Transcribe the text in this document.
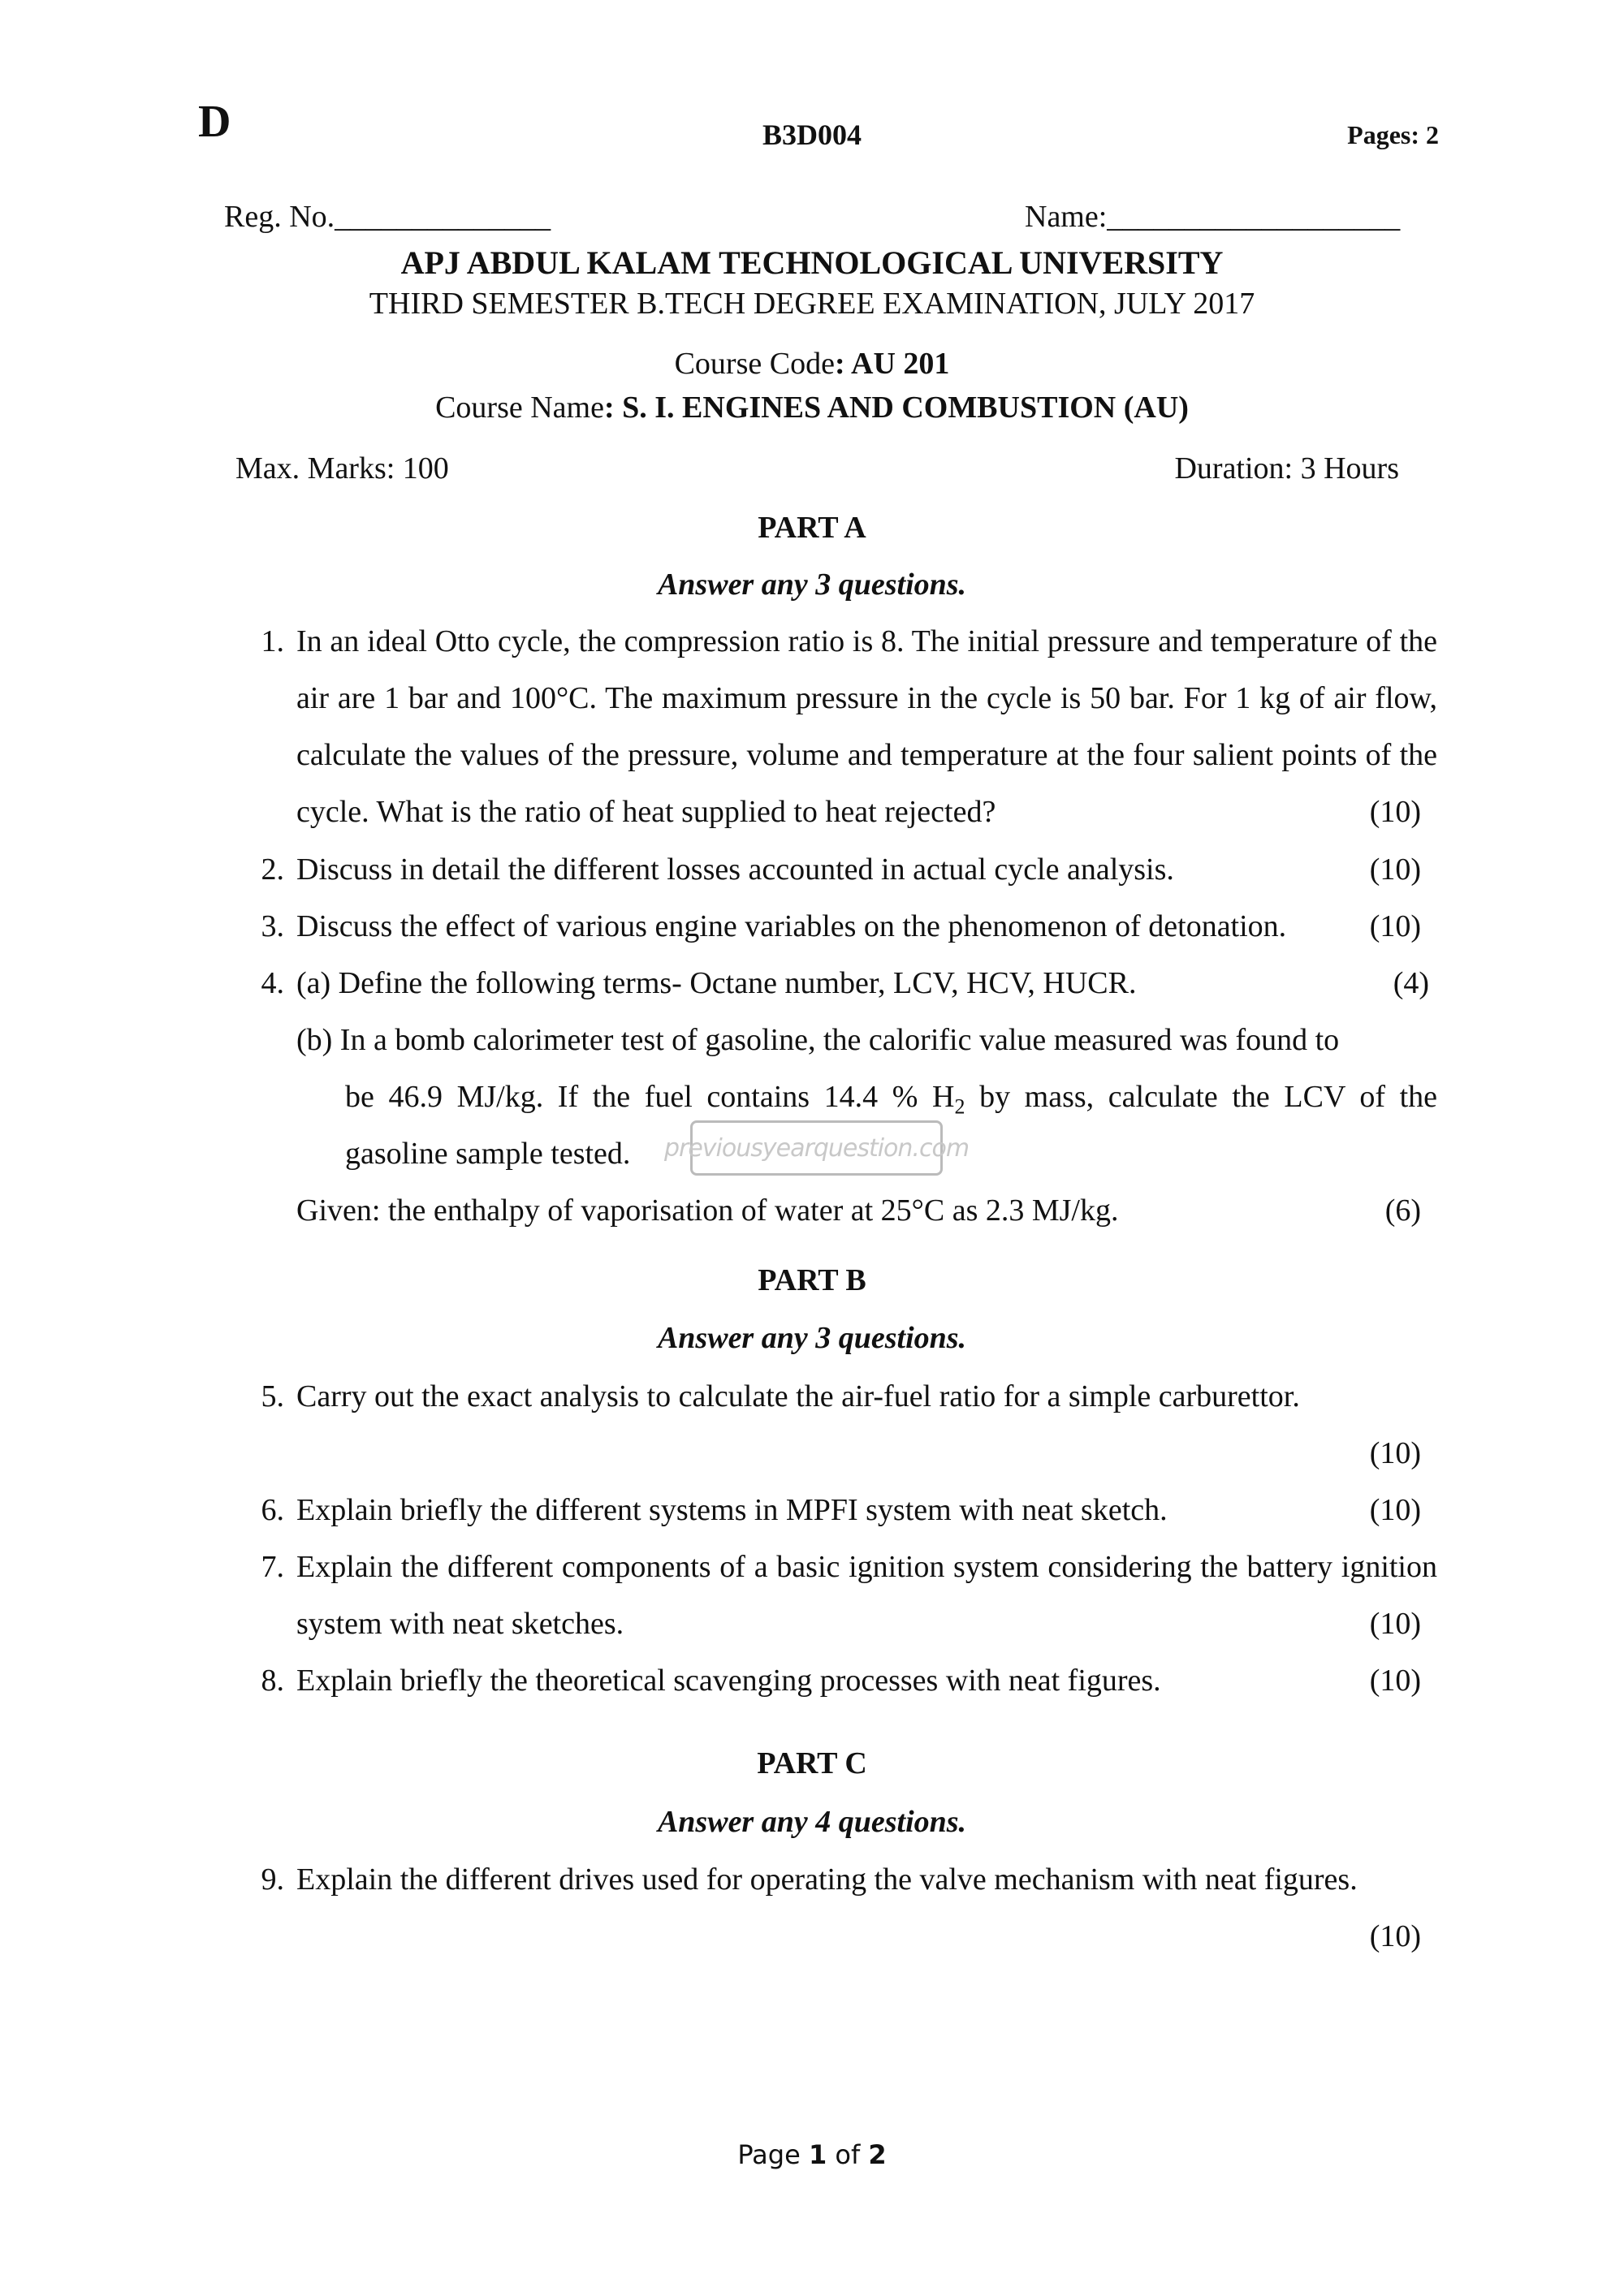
D	B3D004	Pages: 2
Reg. No.______________	Name:___________________
APJ ABDUL KALAM TECHNOLOGICAL UNIVERSITY
THIRD SEMESTER B.TECH DEGREE EXAMINATION, JULY 2017
Course Code: AU 201
Course Name: S. I. ENGINES AND COMBUSTION (AU)
Max. Marks: 100	Duration: 3 Hours
PART A
Answer any 3 questions.
1. In an ideal Otto cycle, the compression ratio is 8. The initial pressure and temperature of the air are 1 bar and 100°C. The maximum pressure in the cycle is 50 bar. For 1 kg of air flow, calculate the values of the pressure, volume and temperature at the four salient points of the cycle. What is the ratio of heat supplied to heat rejected?	(10)
2. Discuss in detail the different losses accounted in actual cycle analysis.	(10)
3. Discuss the effect of various engine variables on the phenomenon of detonation.	(10)
4. (a) Define the following terms- Octane number, LCV, HCV, HUCR.	(4)
(b) In a bomb calorimeter test of gasoline, the calorific value measured was found to
be 46.9 MJ/kg. If the fuel contains 14.4 % $H_2$ by mass, calculate the LCV of the
gasoline sample tested.	previousyearquestion.com
Given: the enthalpy of vaporisation of water at 25°C as 2.3 MJ/kg.	(6)
PART B
Answer any 3 questions.
5. Carry out the exact analysis to calculate the air-fuel ratio for a simple carburettor.
(10)
6. Explain briefly the different systems in MPFI system with neat sketch.	(10)
7. Explain the different components of a basic ignition system considering the battery ignition system with neat sketches.	(10)
8. Explain briefly the theoretical scavenging processes with neat figures.	(10)
PART C
Answer any 4 questions.
9. Explain the different drives used for operating the valve mechanism with neat figures.
(10)
Page 1 of 2
